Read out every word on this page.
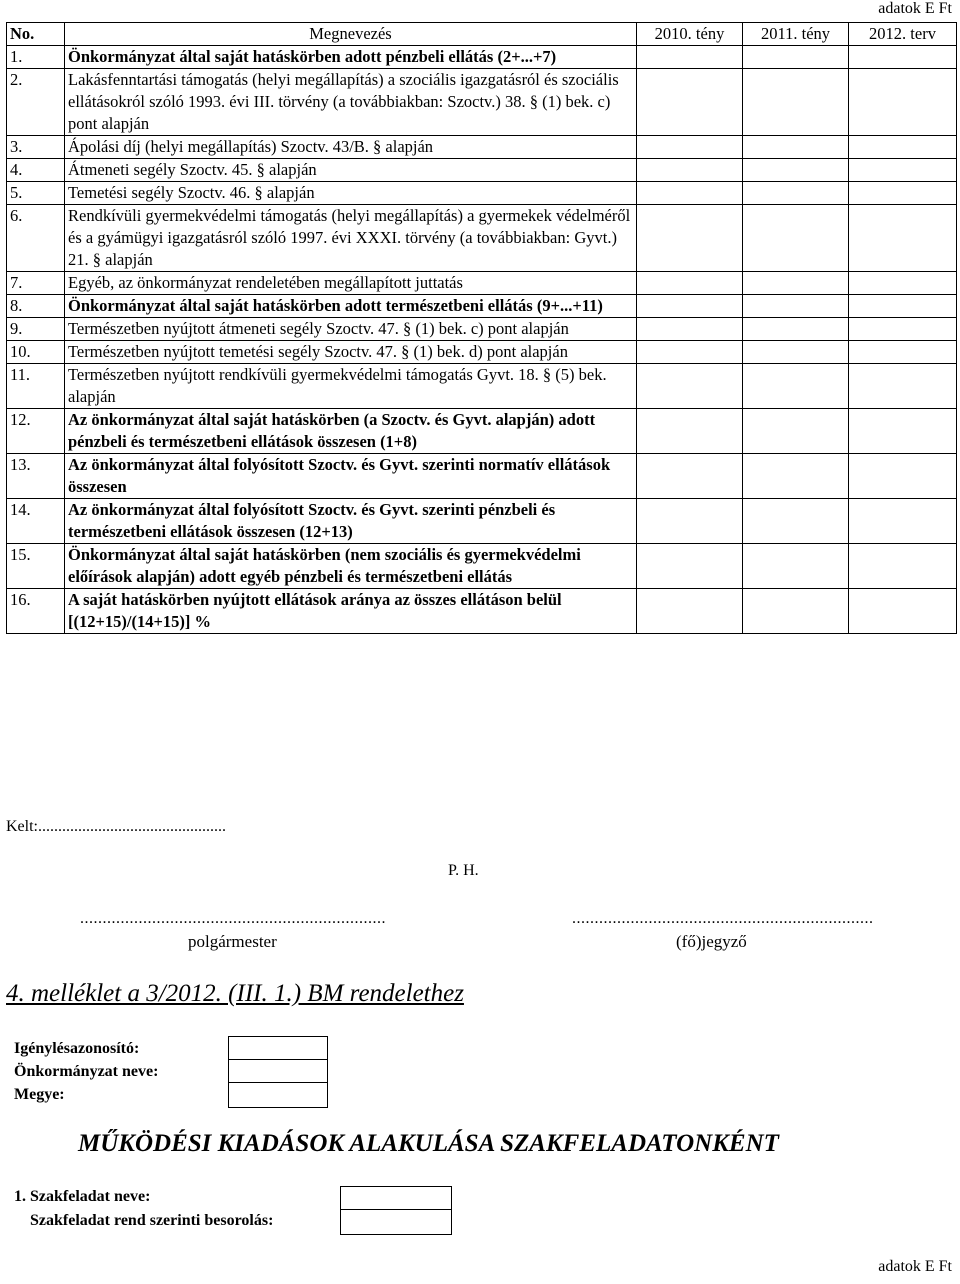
adatok E Ft
No.	Megnevezés	2010. tény	2011. tény	2012. terv
1.	Önkormányzat által saját hatáskörben adott pénzbeli ellátás (2+...+7)			
2.	Lakásfenntartási támogatás (helyi megállapítás) a szociális igazgatásról és szociális ellátásokról szóló 1993. évi III. törvény (a továbbiakban: Szoctv.) 38. § (1) bek. c) pont alapján			
3.	Ápolási díj (helyi megállapítás) Szoctv. 43/B. § alapján			
4.	Átmeneti segély Szoctv. 45. § alapján			
5.	Temetési segély Szoctv. 46. § alapján			
6.	Rendkívüli gyermekvédelmi támogatás (helyi megállapítás) a gyermekek védelméről és a gyámügyi igazgatásról szóló 1997. évi XXXI. törvény (a továbbiakban: Gyvt.) 21. § alapján			
7.	Egyéb, az önkormányzat rendeletében megállapított juttatás			
8.	Önkormányzat által saját hatáskörben adott természetbeni ellátás (9+...+11)			
9.	Természetben nyújtott átmeneti segély Szoctv. 47. § (1) bek. c) pont alapján			
10.	Természetben nyújtott temetési segély Szoctv. 47. § (1) bek. d) pont alapján			
11.	Természetben nyújtott rendkívüli gyermekvédelmi támogatás Gyvt. 18. § (5) bek. alapján			
12.	Az önkormányzat által saját hatáskörben (a Szoctv. és Gyvt. alapján) adott pénzbeli és természetbeni ellátások összesen (1+8)			
13.	Az önkormányzat által folyósított Szoctv. és Gyvt. szerinti normatív ellátások összesen			
14.	Az önkormányzat által folyósított Szoctv. és Gyvt. szerinti pénzbeli és természetbeni ellátások összesen (12+13)			
15.	Önkormányzat által saját hatáskörben (nem szociális és gyermekvédelmi előírások alapján) adott egyéb pénzbeli és természetbeni ellátás			
16.	A saját hatáskörben nyújtott ellátások aránya az összes ellátáson belül [(12+15)/(14+15)] %			
Kelt:...............................................
P. H.
....................................................................	...................................................................
polgármester	(fő)jegyző
4. melléklet a 3/2012. (III. 1.) BM rendelethez
Igénylésazonosító:
Önkormányzat neve:
Megye:
MŰKÖDÉSI KIADÁSOK ALAKULÁSA SZAKFELADATONKÉNT
1. Szakfeladat neve:
Szakfeladat rend szerinti besorolás:
adatok E Ft
